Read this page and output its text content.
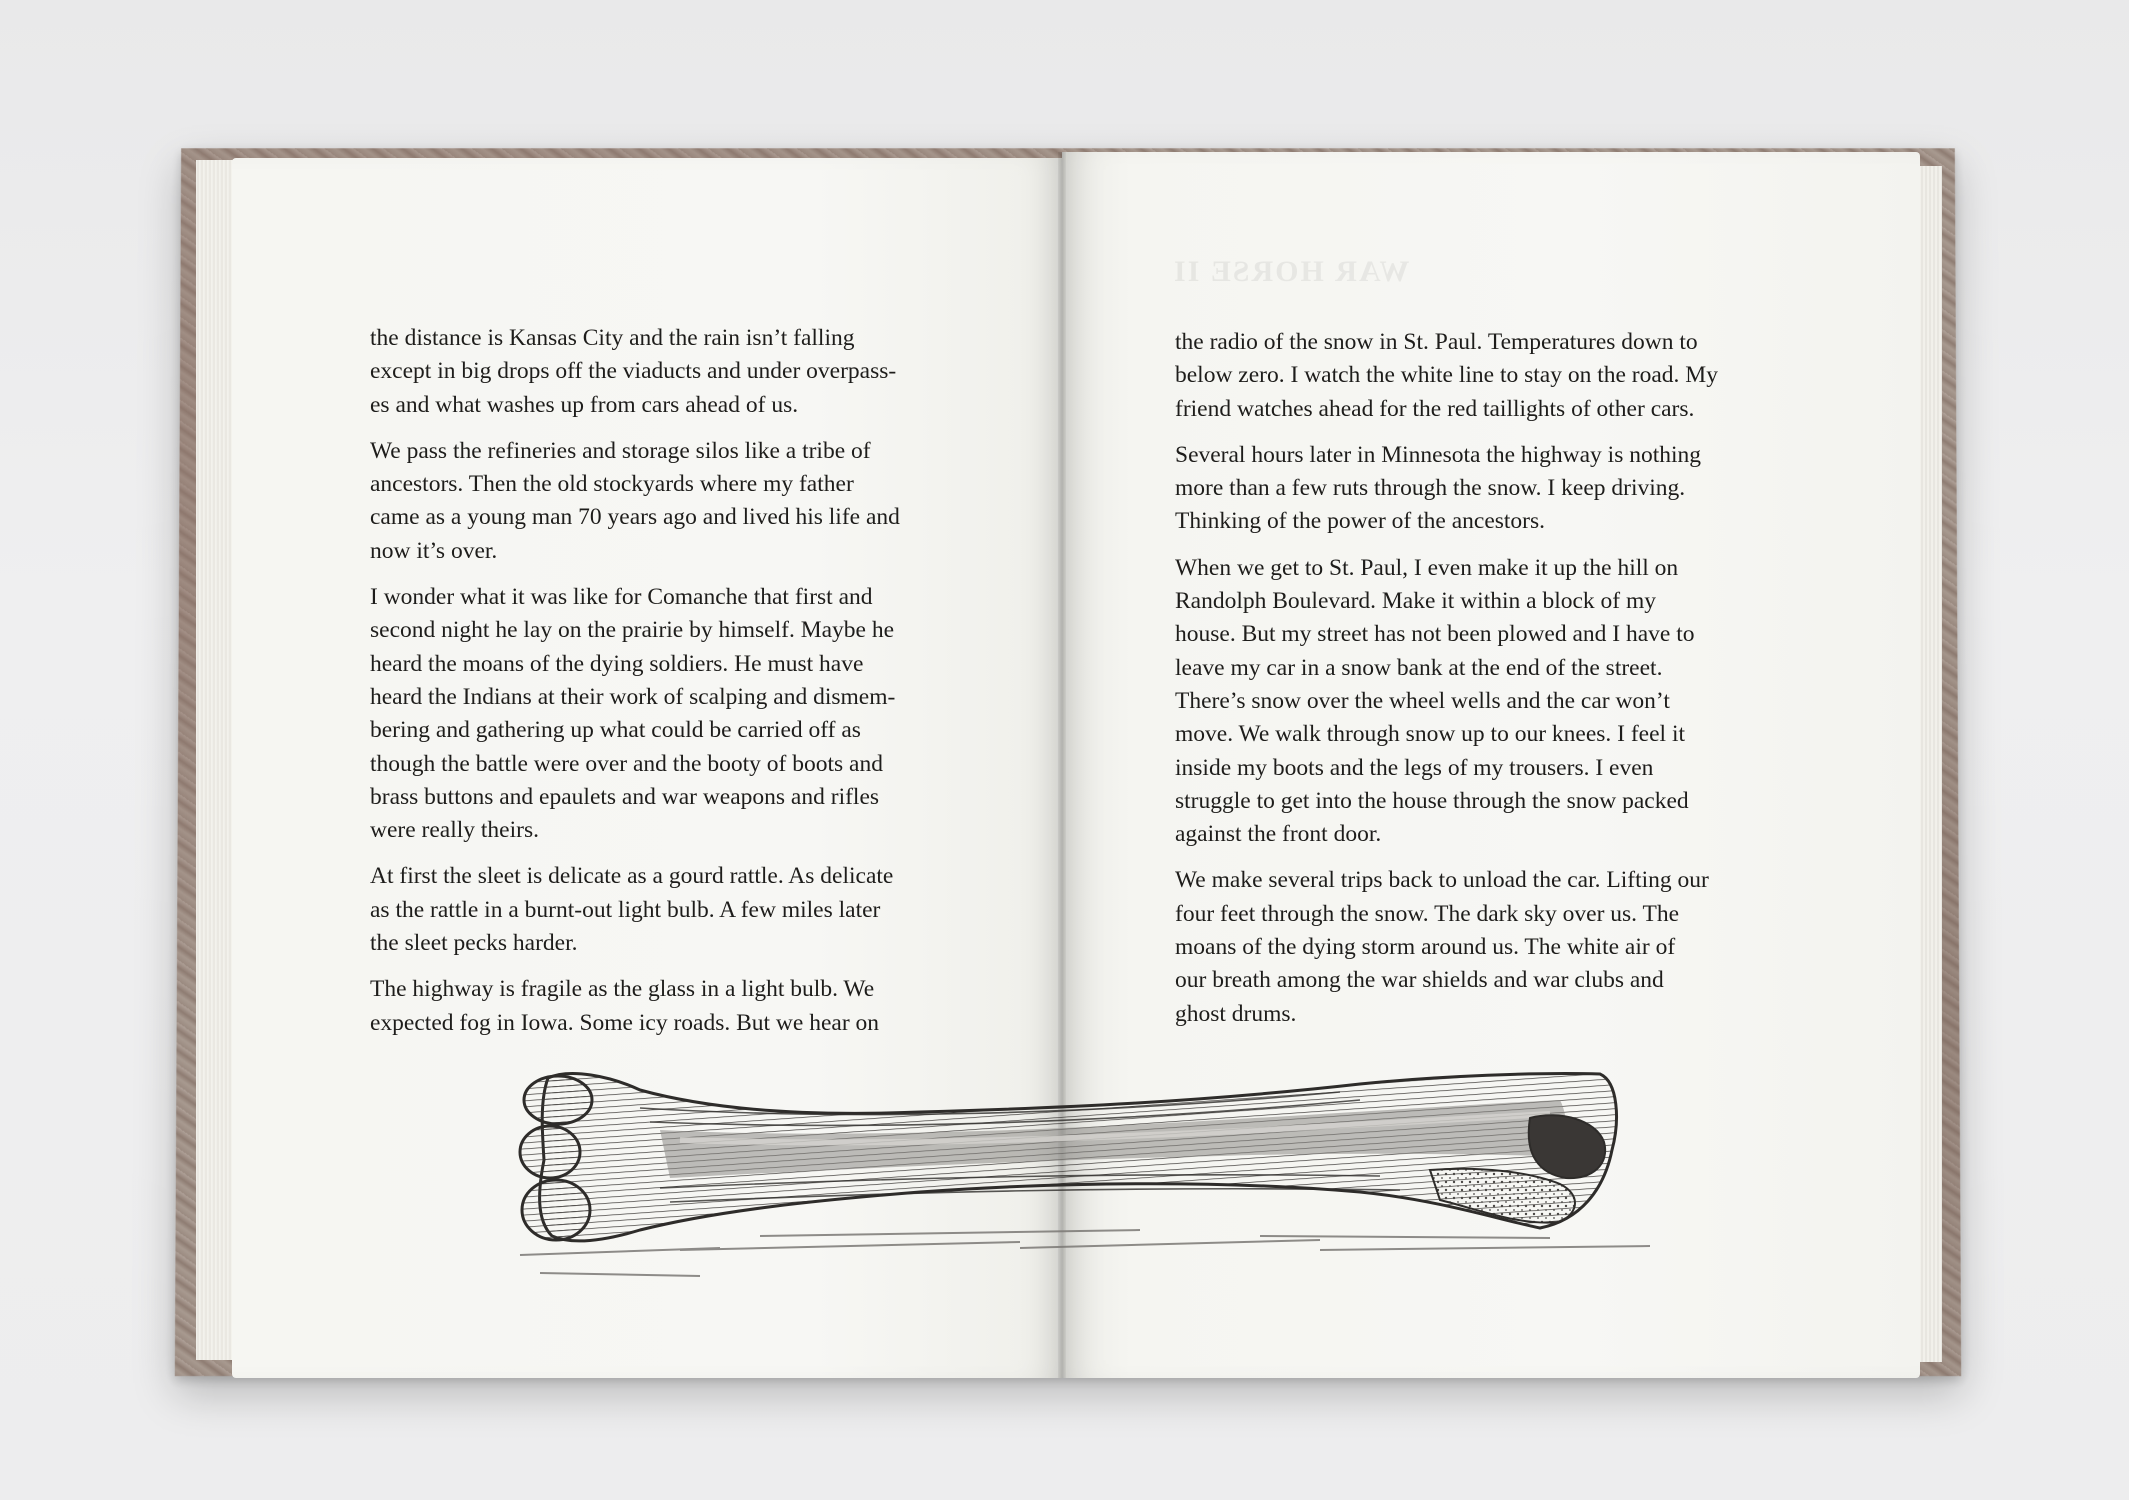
WAR HORSE II
the distance is Kansas City and the rain isn’t falling
except in big drops off the viaducts and under overpass-
es and what washes up from cars ahead of us.
We pass the refineries and storage silos like a tribe of
ancestors. Then the old stockyards where my father
came as a young man 70 years ago and lived his life and
now it’s over.
I wonder what it was like for Comanche that first and
second night he lay on the prairie by himself. Maybe he
heard the moans of the dying soldiers. He must have
heard the Indians at their work of scalping and dismem-
bering and gathering up what could be carried off as
though the battle were over and the booty of boots and
brass buttons and epaulets and war weapons and rifles
were really theirs.
At first the sleet is delicate as a gourd rattle. As delicate
as the rattle in a burnt-out light bulb. A few miles later
the sleet pecks harder.
The highway is fragile as the glass in a light bulb. We
expected fog in Iowa. Some icy roads. But we hear on
the radio of the snow in St. Paul. Temperatures down to
below zero. I watch the white line to stay on the road. My
friend watches ahead for the red taillights of other cars.
Several hours later in Minnesota the highway is nothing
more than a few ruts through the snow. I keep driving.
Thinking of the power of the ancestors.
When we get to St. Paul, I even make it up the hill on
Randolph Boulevard. Make it within a block of my
house. But my street has not been plowed and I have to
leave my car in a snow bank at the end of the street.
There’s snow over the wheel wells and the car won’t
move. We walk through snow up to our knees. I feel it
inside my boots and the legs of my trousers. I even
struggle to get into the house through the snow packed
against the front door.
We make several trips back to unload the car. Lifting our
four feet through the snow. The dark sky over us. The
moans of the dying storm around us. The white air of
our breath among the war shields and war clubs and
ghost drums.
